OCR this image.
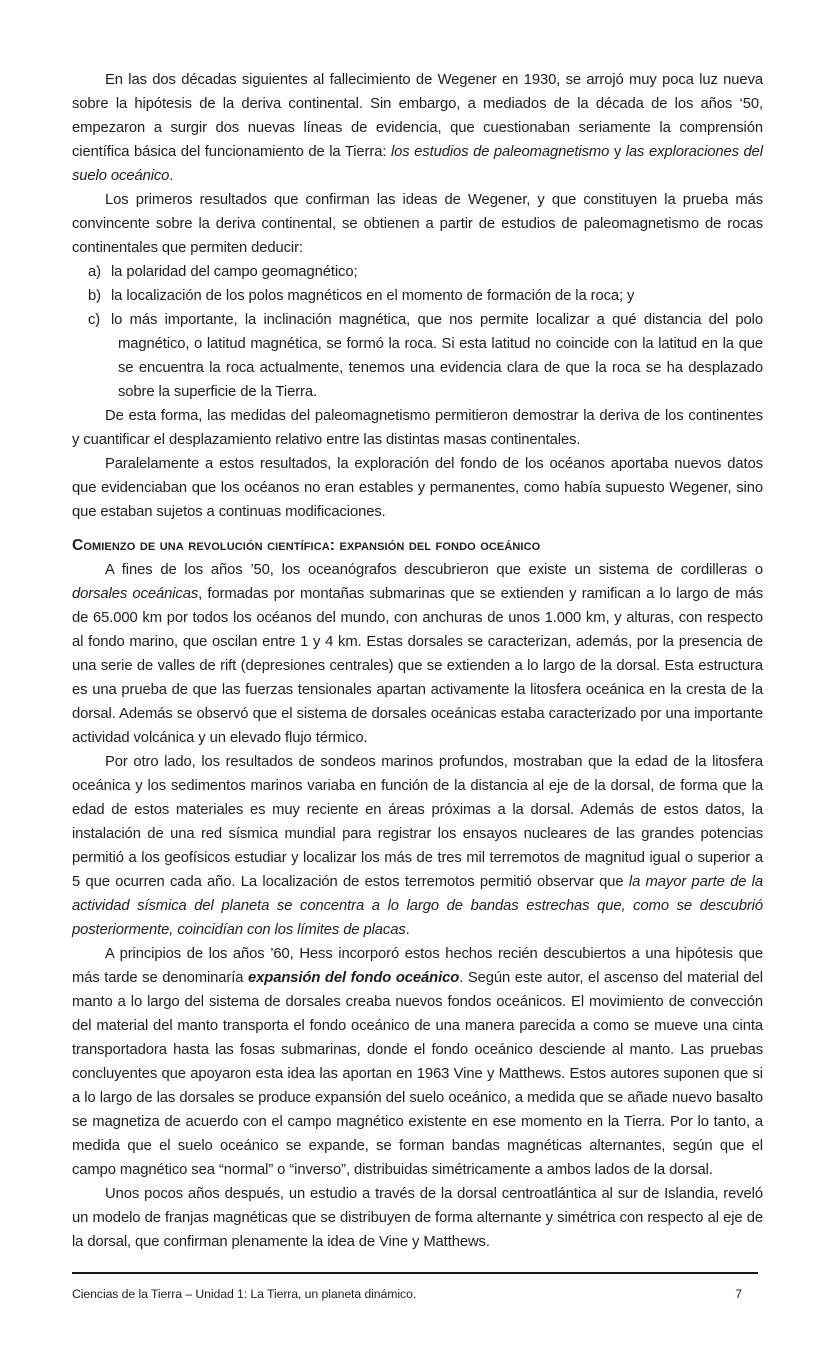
En las dos décadas siguientes al fallecimiento de Wegener en 1930, se arrojó muy poca luz nueva sobre la hipótesis de la deriva continental. Sin embargo, a mediados de la década de los años ‘50, empezaron a surgir dos nuevas líneas de evidencia, que cuestionaban seriamente la comprensión científica básica del funcionamiento de la Tierra: los estudios de paleomagnetismo y las exploraciones del suelo oceánico.

Los primeros resultados que confirman las ideas de Wegener, y que constituyen la prueba más convincente sobre la deriva continental, se obtienen a partir de estudios de paleomagnetismo de rocas continentales que permiten deducir:

a) la polaridad del campo geomagnético;
b) la localización de los polos magnéticos en el momento de formación de la roca; y
c) lo más importante, la inclinación magnética, que nos permite localizar a qué distancia del polo magnético, o latitud magnética, se formó la roca. Si esta latitud no coincide con la latitud en la que se encuentra la roca actualmente, tenemos una evidencia clara de que la roca se ha desplazado sobre la superficie de la Tierra.

De esta forma, las medidas del paleomagnetismo permitieron demostrar la deriva de los continentes y cuantificar el desplazamiento relativo entre las distintas masas continentales.

Paralelamente a estos resultados, la exploración del fondo de los océanos aportaba nuevos datos que evidenciaban que los océanos no eran estables y permanentes, como había supuesto Wegener, sino que estaban sujetos a continuas modificaciones.

Comienzo de una revolución científica: expansión del fondo oceánico

A fines de los años ’50, los oceanógrafos descubrieron que existe un sistema de cordilleras o dorsales oceánicas, formadas por montañas submarinas que se extienden y ramifican a lo largo de más de 65.000 km por todos los océanos del mundo, con anchuras de unos 1.000 km, y alturas, con respecto al fondo marino, que oscilan entre 1 y 4 km. Estas dorsales se caracterizan, además, por la presencia de una serie de valles de rift (depresiones centrales) que se extienden a lo largo de la dorsal. Esta estructura es una prueba de que las fuerzas tensionales apartan activamente la litosfera oceánica en la cresta de la dorsal. Además se observó que el sistema de dorsales oceánicas estaba caracterizado por una importante actividad volcánica y un elevado flujo térmico.

Por otro lado, los resultados de sondeos marinos profundos, mostraban que la edad de la litosfera oceánica y los sedimentos marinos variaba en función de la distancia al eje de la dorsal, de forma que la edad de estos materiales es muy reciente en áreas próximas a la dorsal. Además de estos datos, la instalación de una red sísmica mundial para registrar los ensayos nucleares de las grandes potencias permitió a los geofísicos estudiar y localizar los más de tres mil terremotos de magnitud igual o superior a 5 que ocurren cada año. La localización de estos terremotos permitió observar que la mayor parte de la actividad sísmica del planeta se concentra a lo largo de bandas estrechas que, como se descubrió posteriormente, coincidían con los límites de placas.

A principios de los años ’60, Hess incorporó estos hechos recién descubiertos a una hipótesis que más tarde se denominaría expansión del fondo oceánico. Según este autor, el ascenso del material del manto a lo largo del sistema de dorsales creaba nuevos fondos oceánicos. El movimiento de convección del material del manto transporta el fondo oceánico de una manera parecida a como se mueve una cinta transportadora hasta las fosas submarinas, donde el fondo oceánico desciende al manto. Las pruebas concluyentes que apoyaron esta idea las aportan en 1963 Vine y Matthews. Estos autores suponen que si a lo largo de las dorsales se produce expansión del suelo oceánico, a medida que se añade nuevo basalto se magnetiza de acuerdo con el campo magnético existente en ese momento en la Tierra. Por lo tanto, a medida que el suelo oceánico se expande, se forman bandas magnéticas alternantes, según que el campo magnético sea “normal” o “inverso”, distribuidas simétricamente a ambos lados de la dorsal.

Unos pocos años después, un estudio a través de la dorsal centroatlántica al sur de Islandia, reveló un modelo de franjas magnéticas que se distribuyen de forma alternante y simétrica con respecto al eje de la dorsal, que confirman plenamente la idea de Vine y Matthews.

Ciencias de la Tierra – Unidad 1: La Tierra, un planeta dinámico.	7
